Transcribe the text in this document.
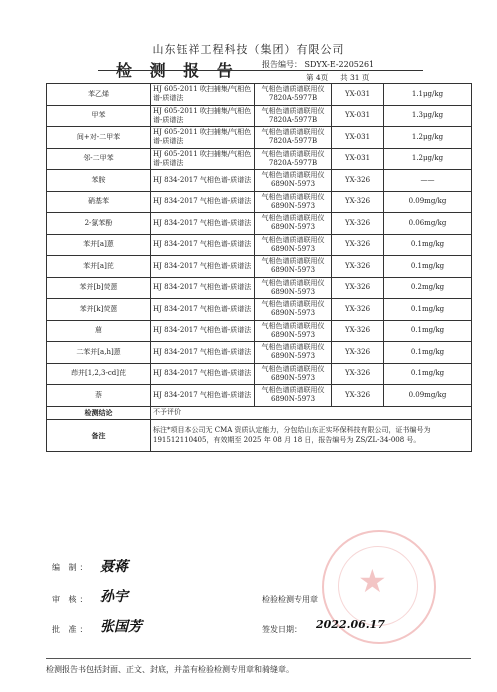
山东钰祥工程科技（集团）有限公司
检 测 报 告	报告编号： SDYX-E-2205261
第 4页 共 31 页
苯乙烯	HJ 605-2011 吹扫捕集/气相色谱-质谱法	气相色谱质谱联用仪 7820A-5977B	YX-031	1.1μg/kg
甲苯	HJ 605-2011 吹扫捕集/气相色谱-质谱法	气相色谱质谱联用仪 7820A-5977B	YX-031	1.3μg/kg
间+对-二甲苯	HJ 605-2011 吹扫捕集/气相色谱-质谱法	气相色谱质谱联用仪 7820A-5977B	YX-031	1.2μg/kg
邻-二甲苯	HJ 605-2011 吹扫捕集/气相色谱-质谱法	气相色谱质谱联用仪 7820A-5977B	YX-031	1.2μg/kg
苯胺	HJ 834-2017 气相色谱-质谱法	气相色谱质谱联用仪 6890N-5973	YX-326	——
硝基苯	HJ 834-2017 气相色谱-质谱法	气相色谱质谱联用仪 6890N-5973	YX-326	0.09mg/kg
2-氯苯酚	HJ 834-2017 气相色谱-质谱法	气相色谱质谱联用仪 6890N-5973	YX-326	0.06mg/kg
苯并[a]蒽	HJ 834-2017 气相色谱-质谱法	气相色谱质谱联用仪 6890N-5973	YX-326	0.1mg/kg
苯并[a]芘	HJ 834-2017 气相色谱-质谱法	气相色谱质谱联用仪 6890N-5973	YX-326	0.1mg/kg
苯并[b]荧蒽	HJ 834-2017 气相色谱-质谱法	气相色谱质谱联用仪 6890N-5973	YX-326	0.2mg/kg
苯并[k]荧蒽	HJ 834-2017 气相色谱-质谱法	气相色谱质谱联用仪 6890N-5973	YX-326	0.1mg/kg
䓛	HJ 834-2017 气相色谱-质谱法	气相色谱质谱联用仪 6890N-5973	YX-326	0.1mg/kg
二苯并[a,h]蒽	HJ 834-2017 气相色谱-质谱法	气相色谱质谱联用仪 6890N-5973	YX-326	0.1mg/kg
茚并[1,2,3-cd]芘	HJ 834-2017 气相色谱-质谱法	气相色谱质谱联用仪 6890N-5973	YX-326	0.1mg/kg
萘	HJ 834-2017 气相色谱-质谱法	气相色谱质谱联用仪 6890N-5973	YX-326	0.09mg/kg
检测结论	不予评价			
备注	标注*项目本公司无 CMA 资质认定能力，分包给山东正实环保科技有限公司，证书编号为 191512110405，有效期至 2025 年 08 月 18 日，报告编号为 ZS/ZL-34-008 号。			
★
编 制： 聂蒋
审 核： 孙宇
批 准： 张国芳
检验检测专用章
签发日期： 2022.06.17
检测报告书包括封面、正文、封底，并盖有检验检测专用章和骑缝章。
